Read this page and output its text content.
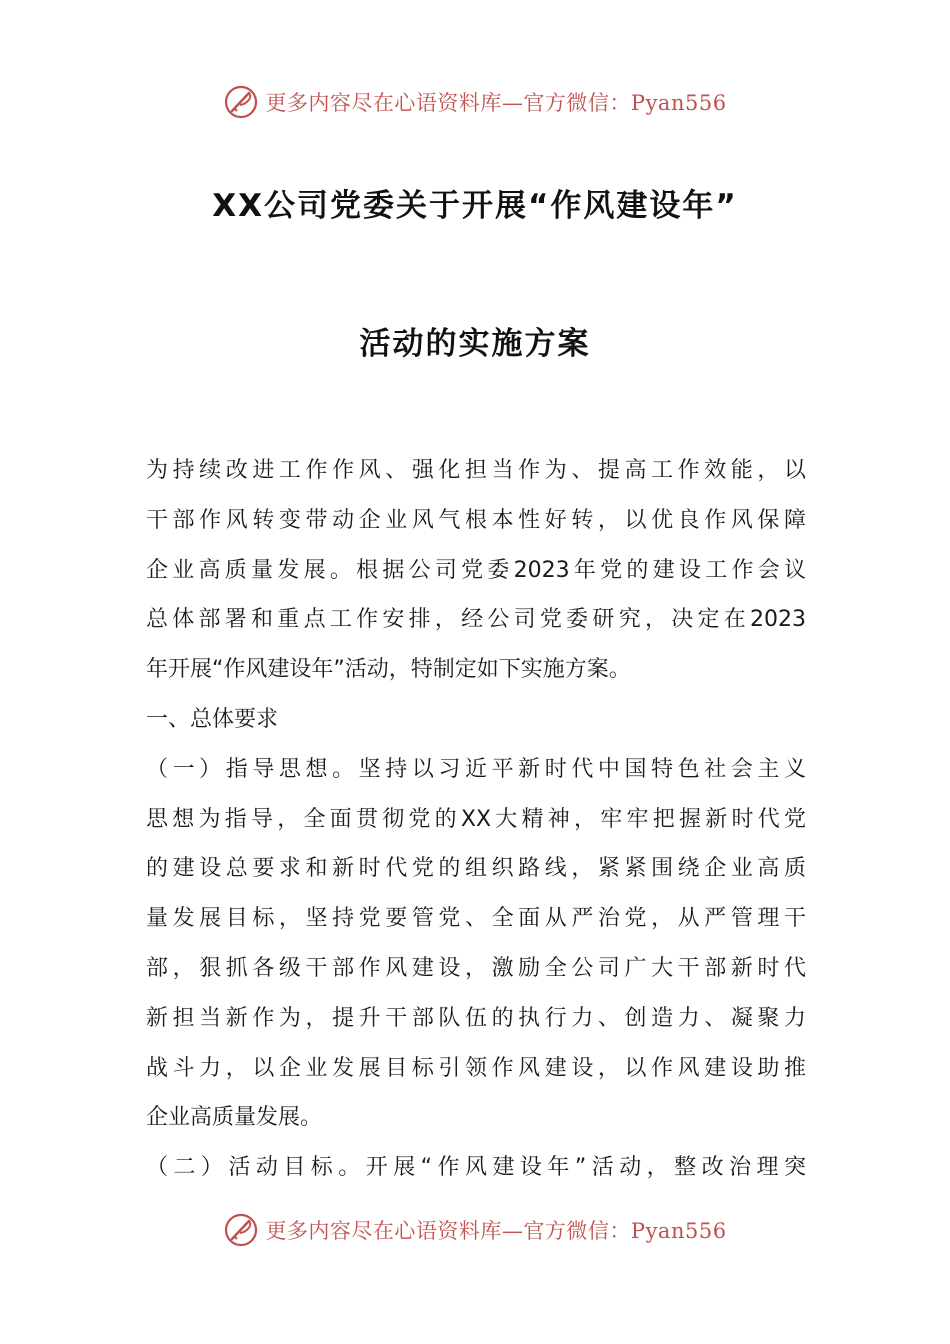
更多内容尽在心语资料库—官方微信：Pyan556
XX公司党委关于开展“作风建设年”
活动的实施方案
为持续改进工作作风、强化担当作为、提高工作效能，以
干部作风转变带动企业风气根本性好转，以优良作风保障
企业高质量发展。根据公司党委2023年党的建设工作会议
总体部署和重点工作安排，经公司党委研究，决定在2023
年开展“作风建设年”活动，特制定如下实施方案。
一、总体要求
（一）指导思想。坚持以习近平新时代中国特色社会主义
思想为指导，全面贯彻党的XX大精神，牢牢把握新时代党
的建设总要求和新时代党的组织路线，紧紧围绕企业高质
量发展目标，坚持党要管党、全面从严治党，从严管理干
部，狠抓各级干部作风建设，激励全公司广大干部新时代
新担当新作为，提升干部队伍的执行力、创造力、凝聚力
战斗力，以企业发展目标引领作风建设，以作风建设助推
企业高质量发展。
（二）活动目标。开展“作风建设年”活动，整改治理突
更多内容尽在心语资料库—官方微信：Pyan556
